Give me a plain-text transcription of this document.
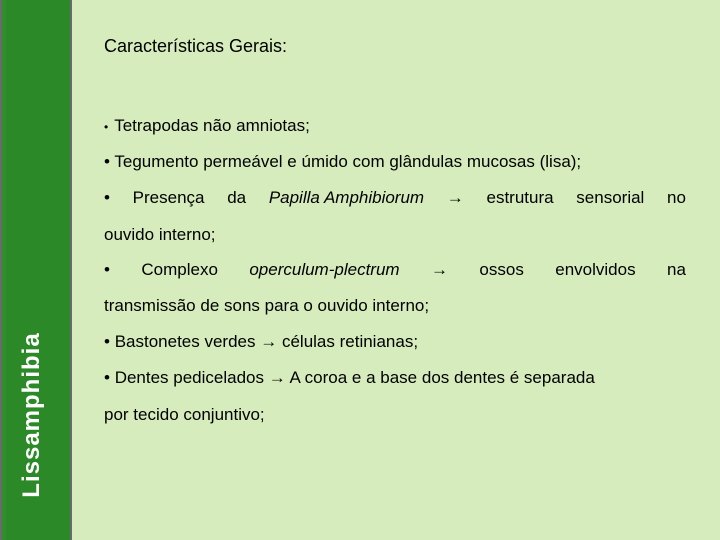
Lissamphibia
Características Gerais:
• Tetrapodas não amniotas;
• Tegumento permeável e úmido com glândulas mucosas (lisa);
• Presença da Papilla Amphibiorum → estrutura sensorial no
ouvido interno;
• Complexo operculum-plectrum → ossos envolvidos na
transmissão de sons para o ouvido interno;
• Bastonetes verdes → células retinianas;
• Dentes pedicelados → A coroa e a base dos dentes é separada
por tecido conjuntivo;
